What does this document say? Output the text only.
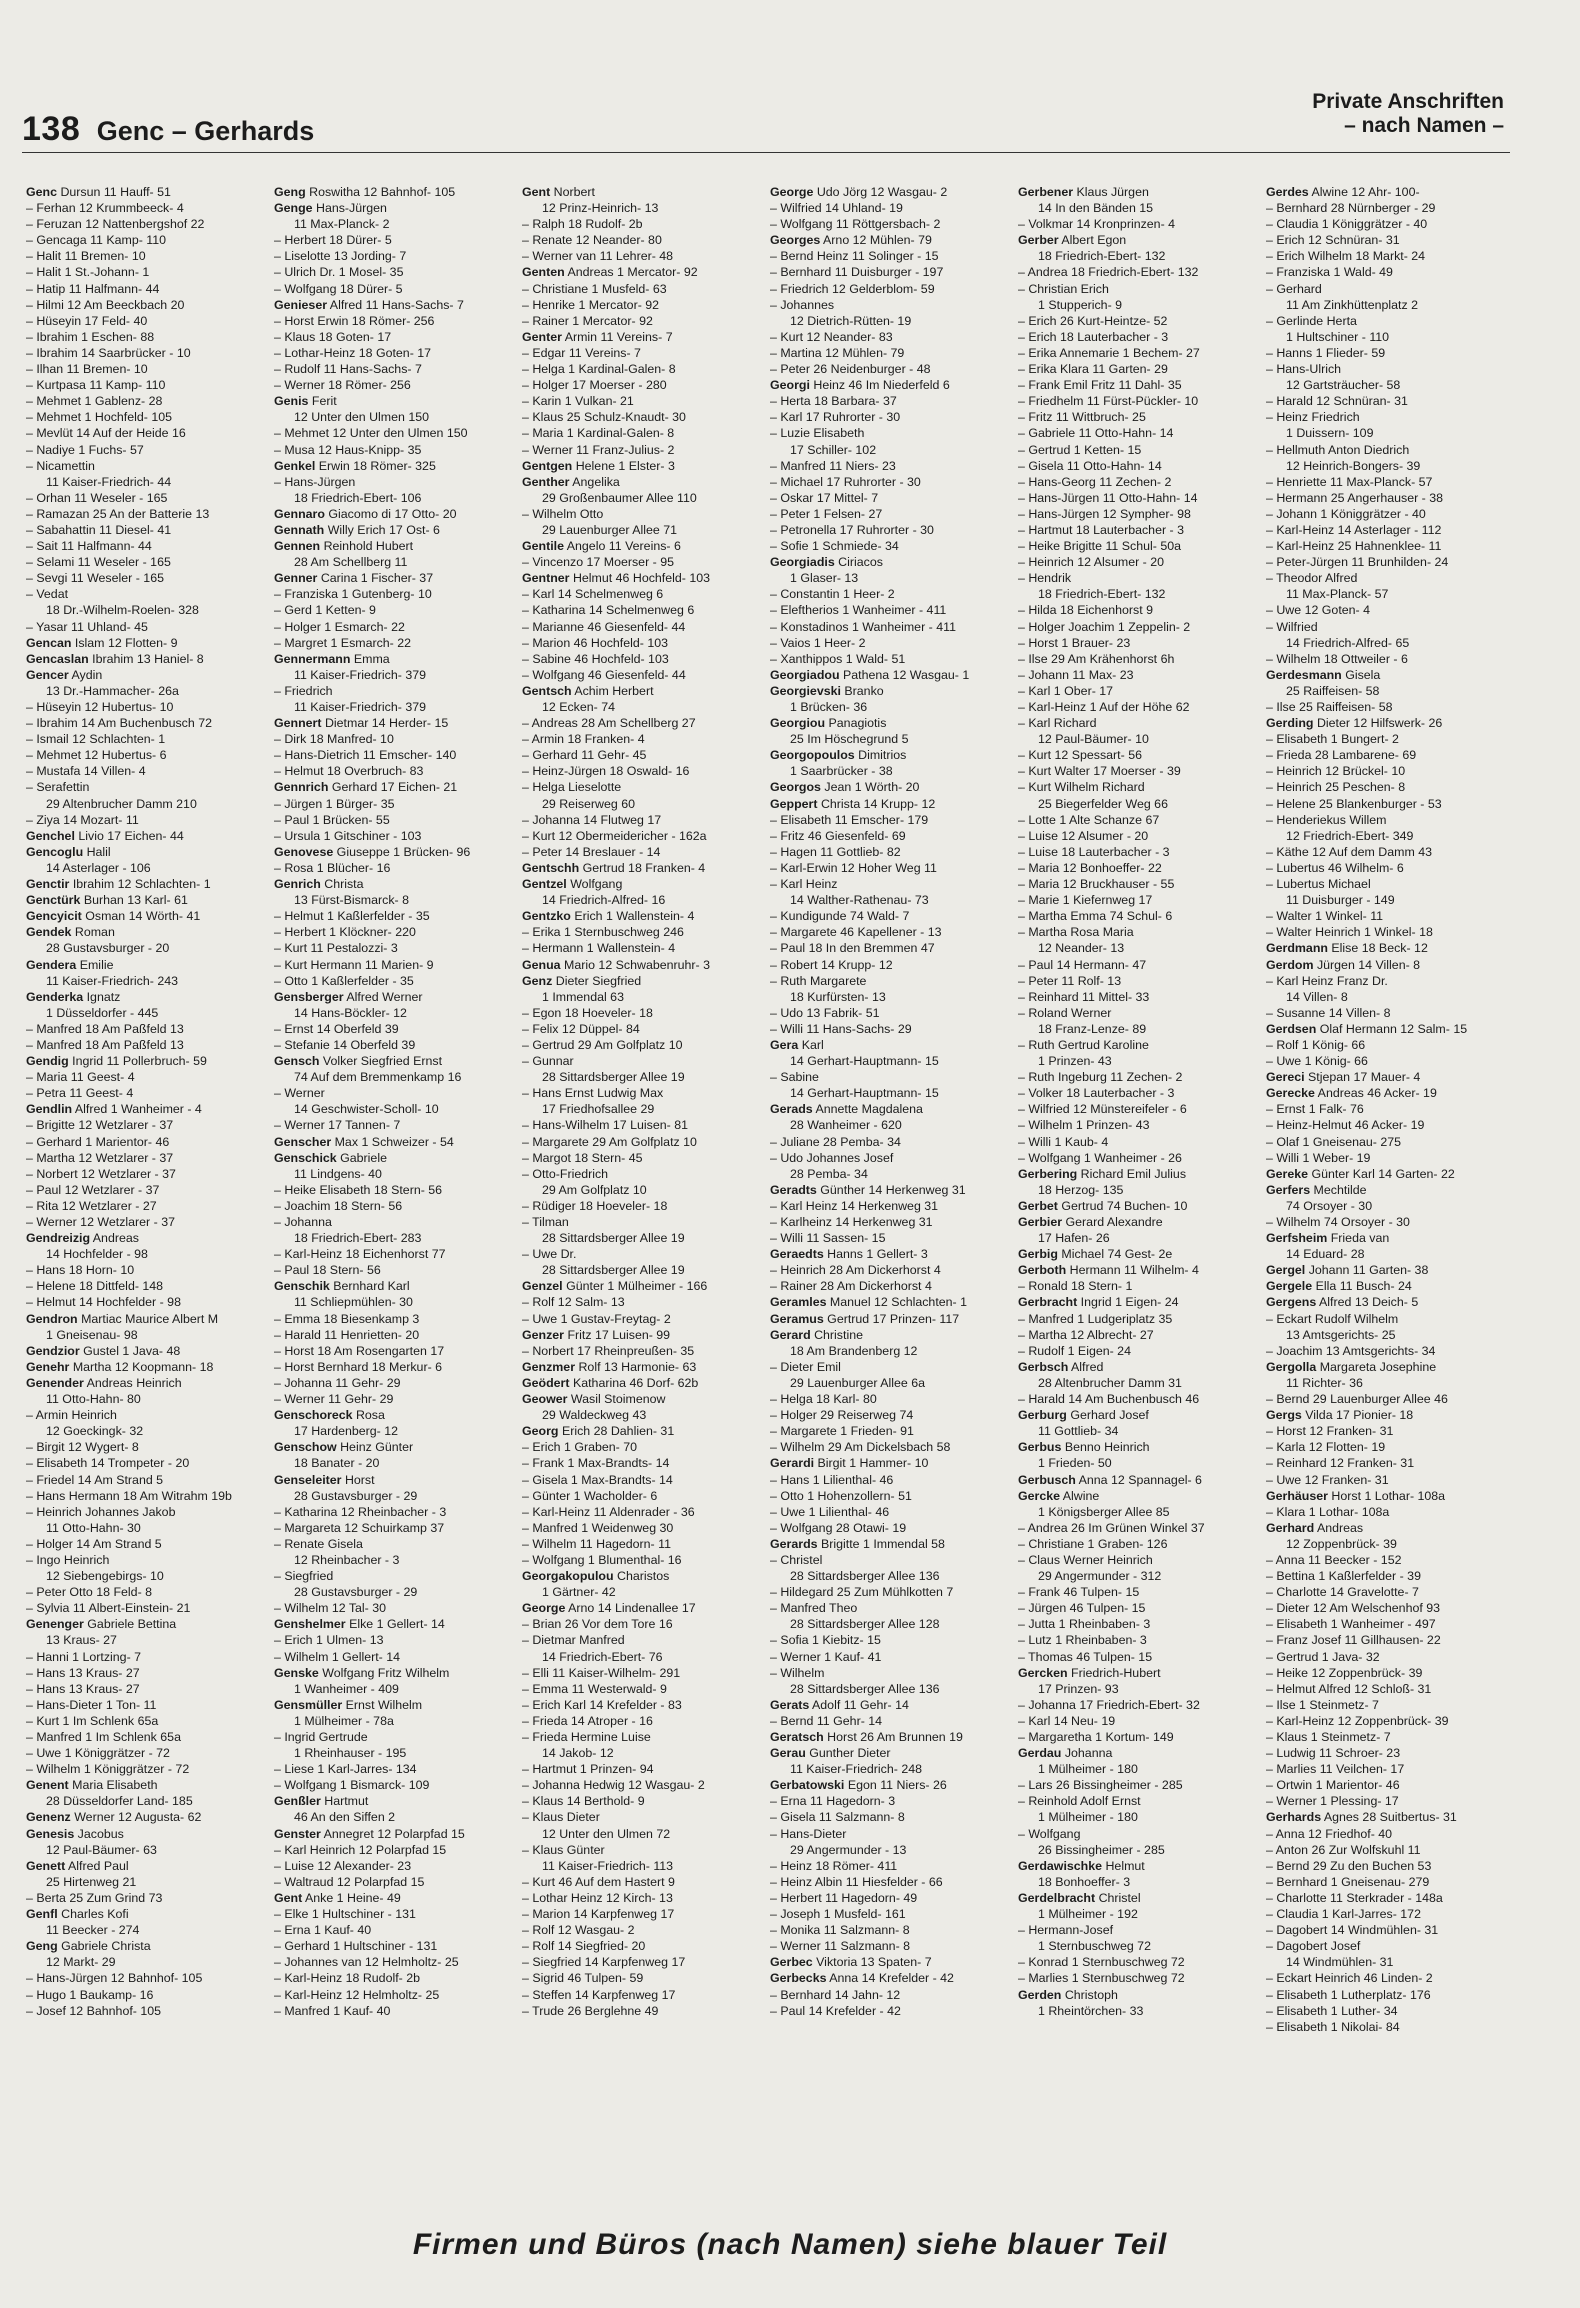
138 Genc – Gerhards
Private Anschriften
– nach Namen –
Genc Dursun 11 Hauff- 51
– Ferhan 12 Krummbeeck- 4
– Feruzan 12 Nattenbergshof 22
– Gencaga 11 Kamp- 110
– Halit 11 Bremen- 10
– Halit 1 St.-Johann- 1
– Hatip 11 Halfmann- 44
– Hilmi 12 Am Beeckbach 20
– Hüseyin 17 Feld- 40
– Ibrahim 1 Eschen- 88
– Ibrahim 14 Saarbrücker - 10
– Ilhan 11 Bremen- 10
– Kurtpasa 11 Kamp- 110
– Mehmet 1 Gablenz- 28
– Mehmet 1 Hochfeld- 105
– Mevlüt 14 Auf der Heide 16
– Nadiye 1 Fuchs- 57
– Nicamettin
11 Kaiser-Friedrich- 44
– Orhan 11 Weseler - 165
– Ramazan 25 An der Batterie 13
– Sabahattin 11 Diesel- 41
– Sait 11 Halfmann- 44
– Selami 11 Weseler - 165
– Sevgi 11 Weseler - 165
– Vedat
18 Dr.-Wilhelm-Roelen- 328
– Yasar 11 Uhland- 45
Gencan Islam 12 Flotten- 9
Gencaslan Ibrahim 13 Haniel- 8
Gencer Aydin
13 Dr.-Hammacher- 26a
– Hüseyin 12 Hubertus- 10
– Ibrahim 14 Am Buchenbusch 72
– Ismail 12 Schlachten- 1
– Mehmet 12 Hubertus- 6
– Mustafa 14 Villen- 4
– Serafettin
29 Altenbrucher Damm 210
– Ziya 14 Mozart- 11
Genchel Livio 17 Eichen- 44
Gencoglu Halil
14 Asterlager - 106
Genctir Ibrahim 12 Schlachten- 1
Genctürk Burhan 13 Karl- 61
Gencyicit Osman 14 Wörth- 41
Gendek Roman
28 Gustavsburger - 20
Gendera Emilie
11 Kaiser-Friedrich- 243
Genderka Ignatz
1 Düsseldorfer - 445
– Manfred 18 Am Paßfeld 13
– Manfred 18 Am Paßfeld 13
Gendig Ingrid 11 Pollerbruch- 59
– Maria 11 Geest- 4
– Petra 11 Geest- 4
Gendlin Alfred 1 Wanheimer - 4
– Brigitte 12 Wetzlarer - 37
– Gerhard 1 Marientor- 46
– Martha 12 Wetzlarer - 37
– Norbert 12 Wetzlarer - 37
– Paul 12 Wetzlarer - 37
– Rita 12 Wetzlarer - 27
– Werner 12 Wetzlarer - 37
Gendreizig Andreas
14 Hochfelder - 98
– Hans 18 Horn- 10
– Helene 18 Dittfeld- 148
– Helmut 14 Hochfelder - 98
Gendron Martiac Maurice Albert M
1 Gneisenau- 98
Gendzior Gustel 1 Java- 48
Genehr Martha 12 Koopmann- 18
Genender Andreas Heinrich
11 Otto-Hahn- 80
– Armin Heinrich
12 Goeckingk- 32
– Birgit 12 Wygert- 8
– Elisabeth 14 Trompeter - 20
– Friedel 14 Am Strand 5
– Hans Hermann 18 Am Witrahm 19b
– Heinrich Johannes Jakob
11 Otto-Hahn- 30
– Holger 14 Am Strand 5
– Ingo Heinrich
12 Siebengebirgs- 10
– Peter Otto 18 Feld- 8
– Sylvia 11 Albert-Einstein- 21
Genenger Gabriele Bettina
13 Kraus- 27
– Hanni 1 Lortzing- 7
– Hans 13 Kraus- 27
– Hans 13 Kraus- 27
– Hans-Dieter 1 Ton- 11
– Kurt 1 Im Schlenk 65a
– Manfred 1 Im Schlenk 65a
– Uwe 1 Königgrätzer - 72
– Wilhelm 1 Königgrätzer - 72
Genent Maria Elisabeth
28 Düsseldorfer Land- 185
Genenz Werner 12 Augusta- 62
Genesis Jacobus
12 Paul-Bäumer- 63
Genett Alfred Paul
25 Hirtenweg 21
– Berta 25 Zum Grind 73
Genfl Charles Kofi
11 Beecker - 274
Geng Gabriele Christa
12 Markt- 29
– Hans-Jürgen 12 Bahnhof- 105
– Hugo 1 Baukamp- 16
– Josef 12 Bahnhof- 105
Geng Roswitha 12 Bahnhof- 105
Genge Hans-Jürgen
11 Max-Planck- 2
– Herbert 18 Dürer- 5
– Liselotte 13 Jording- 7
– Ulrich Dr. 1 Mosel- 35
– Wolfgang 18 Dürer- 5
Genieser Alfred 11 Hans-Sachs- 7
– Horst Erwin 18 Römer- 256
– Klaus 18 Goten- 17
– Lothar-Heinz 18 Goten- 17
– Rudolf 11 Hans-Sachs- 7
– Werner 18 Römer- 256
Genis Ferit
12 Unter den Ulmen 150
– Mehmet 12 Unter den Ulmen 150
– Musa 12 Haus-Knipp- 35
Genkel Erwin 18 Römer- 325
– Hans-Jürgen
18 Friedrich-Ebert- 106
Gennaro Giacomo di 17 Otto- 20
Gennath Willy Erich 17 Ost- 6
Gennen Reinhold Hubert
28 Am Schellberg 11
Genner Carina 1 Fischer- 37
– Franziska 1 Gutenberg- 10
– Gerd 1 Ketten- 9
– Holger 1 Esmarch- 22
– Margret 1 Esmarch- 22
Gennermann Emma
11 Kaiser-Friedrich- 379
– Friedrich
11 Kaiser-Friedrich- 379
Gennert Dietmar 14 Herder- 15
– Dirk 18 Manfred- 10
– Hans-Dietrich 11 Emscher- 140
– Helmut 18 Overbruch- 83
Gennrich Gerhard 17 Eichen- 21
– Jürgen 1 Bürger- 35
– Paul 1 Brücken- 55
– Ursula 1 Gitschiner - 103
Genovese Giuseppe 1 Brücken- 96
– Rosa 1 Blücher- 16
Genrich Christa
13 Fürst-Bismarck- 8
– Helmut 1 Kaßlerfelder - 35
– Herbert 1 Klöckner- 220
– Kurt 11 Pestalozzi- 3
– Kurt Hermann 11 Marien- 9
– Otto 1 Kaßlerfelder - 35
Gensberger Alfred Werner
14 Hans-Böckler- 12
– Ernst 14 Oberfeld 39
– Stefanie 14 Oberfeld 39
Gensch Volker Siegfried Ernst
74 Auf dem Bremmenkamp 16
– Werner
14 Geschwister-Scholl- 10
– Werner 17 Tannen- 7
Genscher Max 1 Schweizer - 54
Genschick Gabriele
11 Lindgens- 40
– Heike Elisabeth 18 Stern- 56
– Joachim 18 Stern- 56
– Johanna
18 Friedrich-Ebert- 283
– Karl-Heinz 18 Eichenhorst 77
– Paul 18 Stern- 56
Genschik Bernhard Karl
11 Schliepmühlen- 30
– Emma 18 Biesenkamp 3
– Harald 11 Henrietten- 20
– Horst 18 Am Rosengarten 17
– Horst Bernhard 18 Merkur- 6
– Johanna 11 Gehr- 29
– Werner 11 Gehr- 29
Genschoreck Rosa
17 Hardenberg- 12
Genschow Heinz Günter
18 Banater - 20
Genseleiter Horst
28 Gustavsburger - 29
– Katharina 12 Rheinbacher - 3
– Margareta 12 Schuirkamp 37
– Renate Gisela
12 Rheinbacher - 3
– Siegfried
28 Gustavsburger - 29
– Wilhelm 12 Tal- 30
Genshelmer Elke 1 Gellert- 14
– Erich 1 Ulmen- 13
– Wilhelm 1 Gellert- 14
Genske Wolfgang Fritz Wilhelm
1 Wanheimer - 409
Gensmüller Ernst Wilhelm
1 Mülheimer - 78a
– Ingrid Gertrude
1 Rheinhauser - 195
– Liese 1 Karl-Jarres- 134
– Wolfgang 1 Bismarck- 109
Genßler Hartmut
46 An den Siffen 2
Genster Annegret 12 Polarpfad 15
– Karl Heinrich 12 Polarpfad 15
– Luise 12 Alexander- 23
– Waltraud 12 Polarpfad 15
Gent Anke 1 Heine- 49
– Elke 1 Hultschiner - 131
– Erna 1 Kauf- 40
– Gerhard 1 Hultschiner - 131
– Johannes van 12 Helmholtz- 25
– Karl-Heinz 18 Rudolf- 2b
– Karl-Heinz 12 Helmholtz- 25
– Manfred 1 Kauf- 40
Gent Norbert
12 Prinz-Heinrich- 13
– Ralph 18 Rudolf- 2b
– Renate 12 Neander- 80
– Werner van 11 Lehrer- 48
Genten Andreas 1 Mercator- 92
– Christiane 1 Musfeld- 63
– Henrike 1 Mercator- 92
– Rainer 1 Mercator- 92
Genter Armin 11 Vereins- 7
– Edgar 11 Vereins- 7
– Helga 1 Kardinal-Galen- 8
– Holger 17 Moerser - 280
– Karin 1 Vulkan- 21
– Klaus 25 Schulz-Knaudt- 30
– Maria 1 Kardinal-Galen- 8
– Werner 11 Franz-Julius- 2
Gentgen Helene 1 Elster- 3
Genther Angelika
29 Großenbaumer Allee 110
– Wilhelm Otto
29 Lauenburger Allee 71
Gentile Angelo 11 Vereins- 6
– Vincenzo 17 Moerser - 95
Gentner Helmut 46 Hochfeld- 103
– Karl 14 Schelmenweg 6
– Katharina 14 Schelmenweg 6
– Marianne 46 Giesenfeld- 44
– Marion 46 Hochfeld- 103
– Sabine 46 Hochfeld- 103
– Wolfgang 46 Giesenfeld- 44
Gentsch Achim Herbert
12 Ecken- 74
– Andreas 28 Am Schellberg 27
– Armin 18 Franken- 4
– Gerhard 11 Gehr- 45
– Heinz-Jürgen 18 Oswald- 16
– Helga Lieselotte
29 Reiserweg 60
– Johanna 14 Flutweg 17
– Kurt 12 Obermeidericher - 162a
– Peter 14 Breslauer - 14
Gentschh Gertrud 18 Franken- 4
Gentzel Wolfgang
14 Friedrich-Alfred- 16
Gentzko Erich 1 Wallenstein- 4
– Erika 1 Sternbuschweg 246
– Hermann 1 Wallenstein- 4
Genua Mario 12 Schwabenruhr- 3
Genz Dieter Siegfried
1 Immendal 63
– Egon 18 Hoeveler- 18
– Felix 12 Düppel- 84
– Gertrud 29 Am Golfplatz 10
– Gunnar
28 Sittardsberger Allee 19
– Hans Ernst Ludwig Max
17 Friedhofsallee 29
– Hans-Wilhelm 17 Luisen- 81
– Margarete 29 Am Golfplatz 10
– Margot 18 Stern- 45
– Otto-Friedrich
29 Am Golfplatz 10
– Rüdiger 18 Hoeveler- 18
– Tilman
28 Sittardsberger Allee 19
– Uwe Dr.
28 Sittardsberger Allee 19
Genzel Günter 1 Mülheimer - 166
– Rolf 12 Salm- 13
– Uwe 1 Gustav-Freytag- 2
Genzer Fritz 17 Luisen- 99
– Norbert 17 Rheinpreußen- 35
Genzmer Rolf 13 Harmonie- 63
Geödert Katharina 46 Dorf- 62b
Geower Wasil Stoimenow
29 Waldeckweg 43
Georg Erich 28 Dahlien- 31
– Erich 1 Graben- 70
– Frank 1 Max-Brandts- 14
– Gisela 1 Max-Brandts- 14
– Günter 1 Wacholder- 6
– Karl-Heinz 11 Aldenrader - 36
– Manfred 1 Weidenweg 30
– Wilhelm 11 Hagedorn- 11
– Wolfgang 1 Blumenthal- 16
Georgakopulou Charistos
1 Gärtner- 42
George Arno 14 Lindenallee 17
– Brian 26 Vor dem Tore 16
– Dietmar Manfred
14 Friedrich-Ebert- 76
– Elli 11 Kaiser-Wilhelm- 291
– Emma 11 Westerwald- 9
– Erich Karl 14 Krefelder - 83
– Frieda 14 Atroper - 16
– Frieda Hermine Luise
14 Jakob- 12
– Hartmut 1 Prinzen- 94
– Johanna Hedwig 12 Wasgau- 2
– Klaus 14 Berthold- 9
– Klaus Dieter
12 Unter den Ulmen 72
– Klaus Günter
11 Kaiser-Friedrich- 113
– Kurt 46 Auf dem Hastert 9
– Lothar Heinz 12 Kirch- 13
– Marion 14 Karpfenweg 17
– Rolf 12 Wasgau- 2
– Rolf 14 Siegfried- 20
– Siegfried 14 Karpfenweg 17
– Sigrid 46 Tulpen- 59
– Steffen 14 Karpfenweg 17
– Trude 26 Berglehne 49
George Udo Jörg 12 Wasgau- 2
– Wilfried 14 Uhland- 19
– Wolfgang 11 Röttgersbach- 2
Georges Arno 12 Mühlen- 79
– Bernd Heinz 11 Solinger - 15
– Bernhard 11 Duisburger - 197
– Friedrich 12 Gelderblom- 59
– Johannes
12 Dietrich-Rütten- 19
– Kurt 12 Neander- 83
– Martina 12 Mühlen- 79
– Peter 26 Neidenburger - 48
Georgi Heinz 46 Im Niederfeld 6
– Herta 18 Barbara- 37
– Karl 17 Ruhrorter - 30
– Luzie Elisabeth
17 Schiller- 102
– Manfred 11 Niers- 23
– Michael 17 Ruhrorter - 30
– Oskar 17 Mittel- 7
– Peter 1 Felsen- 27
– Petronella 17 Ruhrorter - 30
– Sofie 1 Schmiede- 34
Georgiadis Ciriacos
1 Glaser- 13
– Constantin 1 Heer- 2
– Eleftherios 1 Wanheimer - 411
– Konstadinos 1 Wanheimer - 411
– Vaios 1 Heer- 2
– Xanthippos 1 Wald- 51
Georgiadou Pathena 12 Wasgau- 1
Georgievski Branko
1 Brücken- 36
Georgiou Panagiotis
25 Im Höschegrund 5
Georgopoulos Dimitrios
1 Saarbrücker - 38
Georgos Jean 1 Wörth- 20
Geppert Christa 14 Krupp- 12
– Elisabeth 11 Emscher- 179
– Fritz 46 Giesenfeld- 69
– Hagen 11 Gottlieb- 82
– Karl-Erwin 12 Hoher Weg 11
– Karl Heinz
14 Walther-Rathenau- 73
– Kundigunde 74 Wald- 7
– Margarete 46 Kapellener - 13
– Paul 18 In den Bremmen 47
– Robert 14 Krupp- 12
– Ruth Margarete
18 Kurfürsten- 13
– Udo 13 Fabrik- 51
– Willi 11 Hans-Sachs- 29
Gera Karl
14 Gerhart-Hauptmann- 15
– Sabine
14 Gerhart-Hauptmann- 15
Gerads Annette Magdalena
28 Wanheimer - 620
– Juliane 28 Pemba- 34
– Udo Johannes Josef
28 Pemba- 34
Geradts Günther 14 Herkenweg 31
– Karl Heinz 14 Herkenweg 31
– Karlheinz 14 Herkenweg 31
– Willi 11 Sassen- 15
Geraedts Hanns 1 Gellert- 3
– Heinrich 28 Am Dickerhorst 4
– Rainer 28 Am Dickerhorst 4
Geramles Manuel 12 Schlachten- 1
Geramus Gertrud 17 Prinzen- 117
Gerard Christine
18 Am Brandenberg 12
– Dieter Emil
29 Lauenburger Allee 6a
– Helga 18 Karl- 80
– Holger 29 Reiserweg 74
– Margarete 1 Frieden- 91
– Wilhelm 29 Am Dickelsbach 58
Gerardi Birgit 1 Hammer- 10
– Hans 1 Lilienthal- 46
– Otto 1 Hohenzollern- 51
– Uwe 1 Lilienthal- 46
– Wolfgang 28 Otawi- 19
Gerards Brigitte 1 Immendal 58
– Christel
28 Sittardsberger Allee 136
– Hildegard 25 Zum Mühlkotten 7
– Manfred Theo
28 Sittardsberger Allee 128
– Sofia 1 Kiebitz- 15
– Werner 1 Kauf- 41
– Wilhelm
28 Sittardsberger Allee 136
Gerats Adolf 11 Gehr- 14
– Bernd 11 Gehr- 14
Geratsch Horst 26 Am Brunnen 19
Gerau Gunther Dieter
11 Kaiser-Friedrich- 248
Gerbatowski Egon 11 Niers- 26
– Erna 11 Hagedorn- 3
– Gisela 11 Salzmann- 8
– Hans-Dieter
29 Angermunder - 13
– Heinz 18 Römer- 411
– Heinz Albin 11 Hiesfelder - 66
– Herbert 11 Hagedorn- 49
– Joseph 1 Musfeld- 161
– Monika 11 Salzmann- 8
– Werner 11 Salzmann- 8
Gerbec Viktoria 13 Spaten- 7
Gerbecks Anna 14 Krefelder - 42
– Bernhard 14 Jahn- 12
– Paul 14 Krefelder - 42
Gerbener Klaus Jürgen
14 In den Bänden 15
– Volkmar 14 Kronprinzen- 4
Gerber Albert Egon
18 Friedrich-Ebert- 132
– Andrea 18 Friedrich-Ebert- 132
– Christian Erich
1 Stupperich- 9
– Erich 26 Kurt-Heintze- 52
– Erich 18 Lauterbacher - 3
– Erika Annemarie 1 Bechem- 27
– Erika Klara 11 Garten- 29
– Frank Emil Fritz 11 Dahl- 35
– Friedhelm 11 Fürst-Pückler- 10
– Fritz 11 Wittbruch- 25
– Gabriele 11 Otto-Hahn- 14
– Gertrud 1 Ketten- 15
– Gisela 11 Otto-Hahn- 14
– Hans-Georg 11 Zechen- 2
– Hans-Jürgen 11 Otto-Hahn- 14
– Hans-Jürgen 12 Sympher- 98
– Hartmut 18 Lauterbacher - 3
– Heike Brigitte 11 Schul- 50a
– Heinrich 12 Alsumer - 20
– Hendrik
18 Friedrich-Ebert- 132
– Hilda 18 Eichenhorst 9
– Holger Joachim 1 Zeppelin- 2
– Horst 1 Brauer- 23
– Ilse 29 Am Krähenhorst 6h
– Johann 11 Max- 23
– Karl 1 Ober- 17
– Karl-Heinz 1 Auf der Höhe 62
– Karl Richard
12 Paul-Bäumer- 10
– Kurt 12 Spessart- 56
– Kurt Walter 17 Moerser - 39
– Kurt Wilhelm Richard
25 Biegerfelder Weg 66
– Lotte 1 Alte Schanze 67
– Luise 12 Alsumer - 20
– Luise 18 Lauterbacher - 3
– Maria 12 Bonhoeffer- 22
– Maria 12 Bruckhauser - 55
– Marie 1 Kiefernweg 17
– Martha Emma 74 Schul- 6
– Martha Rosa Maria
12 Neander- 13
– Paul 14 Hermann- 47
– Peter 11 Rolf- 13
– Reinhard 11 Mittel- 33
– Roland Werner
18 Franz-Lenze- 89
– Ruth Gertrud Karoline
1 Prinzen- 43
– Ruth Ingeburg 11 Zechen- 2
– Volker 18 Lauterbacher - 3
– Wilfried 12 Münstereifeler - 6
– Wilhelm 1 Prinzen- 43
– Willi 1 Kaub- 4
– Wolfgang 1 Wanheimer - 26
Gerbering Richard Emil Julius
18 Herzog- 135
Gerbet Gertrud 74 Buchen- 10
Gerbier Gerard Alexandre
17 Hafen- 26
Gerbig Michael 74 Gest- 2e
Gerboth Hermann 11 Wilhelm- 4
– Ronald 18 Stern- 1
Gerbracht Ingrid 1 Eigen- 24
– Manfred 1 Ludgeriplatz 35
– Martha 12 Albrecht- 27
– Rudolf 1 Eigen- 24
Gerbsch Alfred
28 Altenbrucher Damm 31
– Harald 14 Am Buchenbusch 46
Gerburg Gerhard Josef
11 Gottlieb- 34
Gerbus Benno Heinrich
1 Frieden- 50
Gerbusch Anna 12 Spannagel- 6
Gercke Alwine
1 Königsberger Allee 85
– Andrea 26 Im Grünen Winkel 37
– Christiane 1 Graben- 126
– Claus Werner Heinrich
29 Angermunder - 312
– Frank 46 Tulpen- 15
– Jürgen 46 Tulpen- 15
– Jutta 1 Rheinbaben- 3
– Lutz 1 Rheinbaben- 3
– Thomas 46 Tulpen- 15
Gercken Friedrich-Hubert
17 Prinzen- 93
– Johanna 17 Friedrich-Ebert- 32
– Karl 14 Neu- 19
– Margaretha 1 Kortum- 149
Gerdau Johanna
1 Mülheimer - 180
– Lars 26 Bissingheimer - 285
– Reinhold Adolf Ernst
1 Mülheimer - 180
– Wolfgang
26 Bissingheimer - 285
Gerdawischke Helmut
18 Bonhoeffer- 3
Gerdelbracht Christel
1 Mülheimer - 192
– Hermann-Josef
1 Sternbuschweg 72
– Konrad 1 Sternbuschweg 72
– Marlies 1 Sternbuschweg 72
Gerden Christoph
1 Rheintörchen- 33
Gerdes Alwine 12 Ahr- 100-
– Bernhard 28 Nürnberger - 29
– Claudia 1 Königgrätzer - 40
– Erich 12 Schnüran- 31
– Erich Wilhelm 18 Markt- 24
– Franziska 1 Wald- 49
– Gerhard
11 Am Zinkhüttenplatz 2
– Gerlinde Herta
1 Hultschiner - 110
– Hanns 1 Flieder- 59
– Hans-Ulrich
12 Gartsträucher- 58
– Harald 12 Schnüran- 31
– Heinz Friedrich
1 Duissern- 109
– Hellmuth Anton Diedrich
12 Heinrich-Bongers- 39
– Henriette 11 Max-Planck- 57
– Hermann 25 Angerhauser - 38
– Johann 1 Königgrätzer - 40
– Karl-Heinz 14 Asterlager - 112
– Karl-Heinz 25 Hahnenklee- 11
– Peter-Jürgen 11 Brunhilden- 24
– Theodor Alfred
11 Max-Planck- 57
– Uwe 12 Goten- 4
– Wilfried
14 Friedrich-Alfred- 65
– Wilhelm 18 Ottweiler - 6
Gerdesmann Gisela
25 Raiffeisen- 58
– Ilse 25 Raiffeisen- 58
Gerding Dieter 12 Hilfswerk- 26
– Elisabeth 1 Bungert- 2
– Frieda 28 Lambarene- 69
– Heinrich 12 Brückel- 10
– Heinrich 25 Peschen- 8
– Helene 25 Blankenburger - 53
– Henderiekus Willem
12 Friedrich-Ebert- 349
– Käthe 12 Auf dem Damm 43
– Lubertus 46 Wilhelm- 6
– Lubertus Michael
11 Duisburger - 149
– Walter 1 Winkel- 11
– Walter Heinrich 1 Winkel- 18
Gerdmann Elise 18 Beck- 12
Gerdom Jürgen 14 Villen- 8
– Karl Heinz Franz Dr.
14 Villen- 8
– Susanne 14 Villen- 8
Gerdsen Olaf Hermann 12 Salm- 15
– Rolf 1 König- 66
– Uwe 1 König- 66
Gereci Stjepan 17 Mauer- 4
Gerecke Andreas 46 Acker- 19
– Ernst 1 Falk- 76
– Heinz-Helmut 46 Acker- 19
– Olaf 1 Gneisenau- 275
– Willi 1 Weber- 19
Gereke Günter Karl 14 Garten- 22
Gerfers Mechtilde
74 Orsoyer - 30
– Wilhelm 74 Orsoyer - 30
Gerfsheim Frieda van
14 Eduard- 28
Gergel Johann 11 Garten- 38
Gergele Ella 11 Busch- 24
Gergens Alfred 13 Deich- 5
– Eckart Rudolf Wilhelm
13 Amtsgerichts- 25
– Joachim 13 Amtsgerichts- 34
Gergolla Margareta Josephine
11 Richter- 36
– Bernd 29 Lauenburger Allee 46
Gergs Vilda 17 Pionier- 18
– Horst 12 Franken- 31
– Karla 12 Flotten- 19
– Reinhard 12 Franken- 31
– Uwe 12 Franken- 31
Gerhäuser Horst 1 Lothar- 108a
– Klara 1 Lothar- 108a
Gerhard Andreas
12 Zoppenbrück- 39
– Anna 11 Beecker - 152
– Bettina 1 Kaßlerfelder - 39
– Charlotte 14 Gravelotte- 7
– Dieter 12 Am Welschenhof 93
– Elisabeth 1 Wanheimer - 497
– Franz Josef 11 Gillhausen- 22
– Gertrud 1 Java- 32
– Heike 12 Zoppenbrück- 39
– Helmut Alfred 12 Schloß- 31
– Ilse 1 Steinmetz- 7
– Karl-Heinz 12 Zoppenbrück- 39
– Klaus 1 Steinmetz- 7
– Ludwig 11 Schroer- 23
– Marlies 11 Veilchen- 17
– Ortwin 1 Marientor- 46
– Werner 1 Plessing- 17
Gerhards Agnes 28 Suitbertus- 31
– Anna 12 Friedhof- 40
– Anton 26 Zur Wolfskuhl 11
– Bernd 29 Zu den Buchen 53
– Bernhard 1 Gneisenau- 279
– Charlotte 11 Sterkrader - 148a
– Claudia 1 Karl-Jarres- 172
– Dagobert 14 Windmühlen- 31
– Dagobert Josef
14 Windmühlen- 31
– Eckart Heinrich 46 Linden- 2
– Elisabeth 1 Lutherplatz- 176
– Elisabeth 1 Luther- 34
– Elisabeth 1 Nikolai- 84
Firmen und Büros (nach Namen) siehe blauer Teil
